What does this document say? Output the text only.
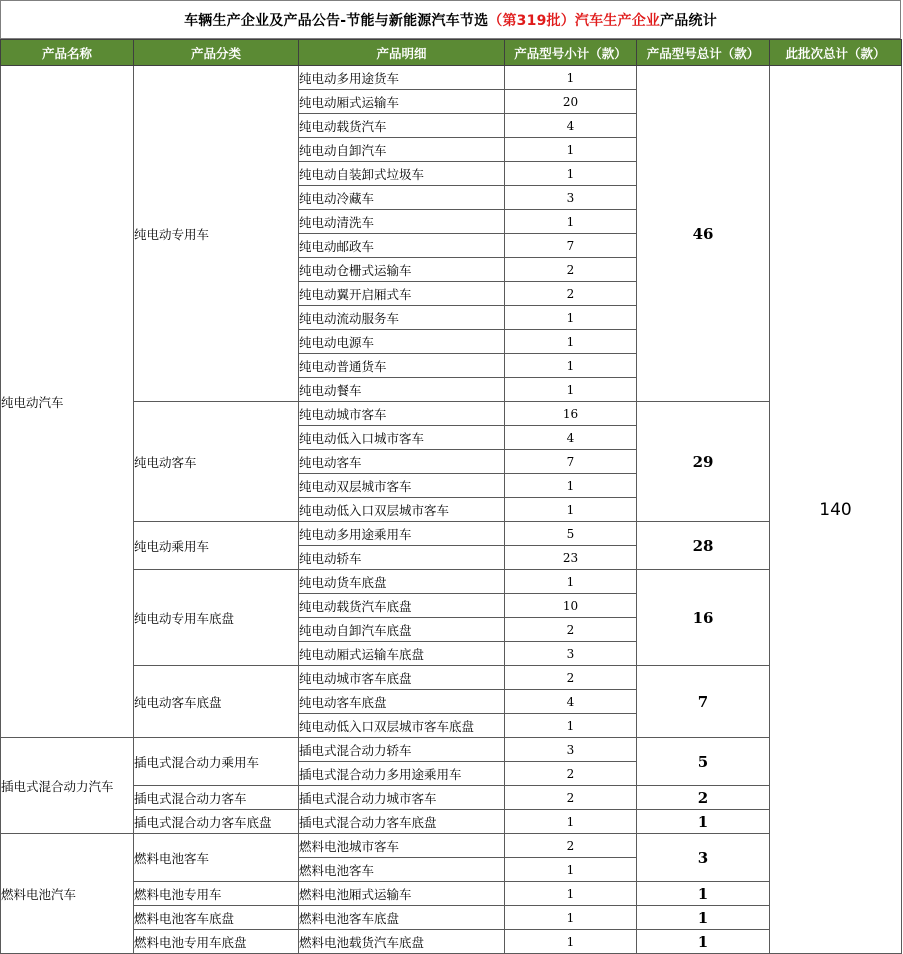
车辆生产企业及产品公告-节能与新能源汽车节选 （第319批）汽车生产企业 产品统计
产品名称	产品分类	产品明细	产品型号小计（款）	产品型号总计（款）	此批次总计（款）
纯电动汽车	纯电动专用车	纯电动多用途货车	1	46	140
		纯电动厢式运输车	20		
		纯电动载货汽车	4		
		纯电动自卸汽车	1		
		纯电动自装卸式垃圾车	1		
		纯电动冷藏车	3		
		纯电动清洗车	1		
		纯电动邮政车	7		
		纯电动仓栅式运输车	2		
		纯电动翼开启厢式车	2		
		纯电动流动服务车	1		
		纯电动电源车	1		
		纯电动普通货车	1		
		纯电动餐车	1		
	纯电动客车	纯电动城市客车	16	29	
		纯电动低入口城市客车	4		
		纯电动客车	7		
		纯电动双层城市客车	1		
		纯电动低入口双层城市客车	1		
	纯电动乘用车	纯电动多用途乘用车	5	28	
		纯电动轿车	23		
	纯电动专用车底盘	纯电动货车底盘	1	16	
		纯电动载货汽车底盘	10		
		纯电动自卸汽车底盘	2		
		纯电动厢式运输车底盘	3		
	纯电动客车底盘	纯电动城市客车底盘	2	7	
		纯电动客车底盘	4		
		纯电动低入口双层城市客车底盘	1		
插电式混合动力汽车	插电式混合动力乘用车	插电式混合动力轿车	3	5	
		插电式混合动力多用途乘用车	2		
	插电式混合动力客车	插电式混合动力城市客车	2	2	
	插电式混合动力客车底盘	插电式混合动力客车底盘	1	1	
燃料电池汽车	燃料电池客车	燃料电池城市客车	2	3	
		燃料电池客车	1		
	燃料电池专用车	燃料电池厢式运输车	1	1	
	燃料电池客车底盘	燃料电池客车底盘	1	1	
	燃料电池专用车底盘	燃料电池载货汽车底盘	1	1	
